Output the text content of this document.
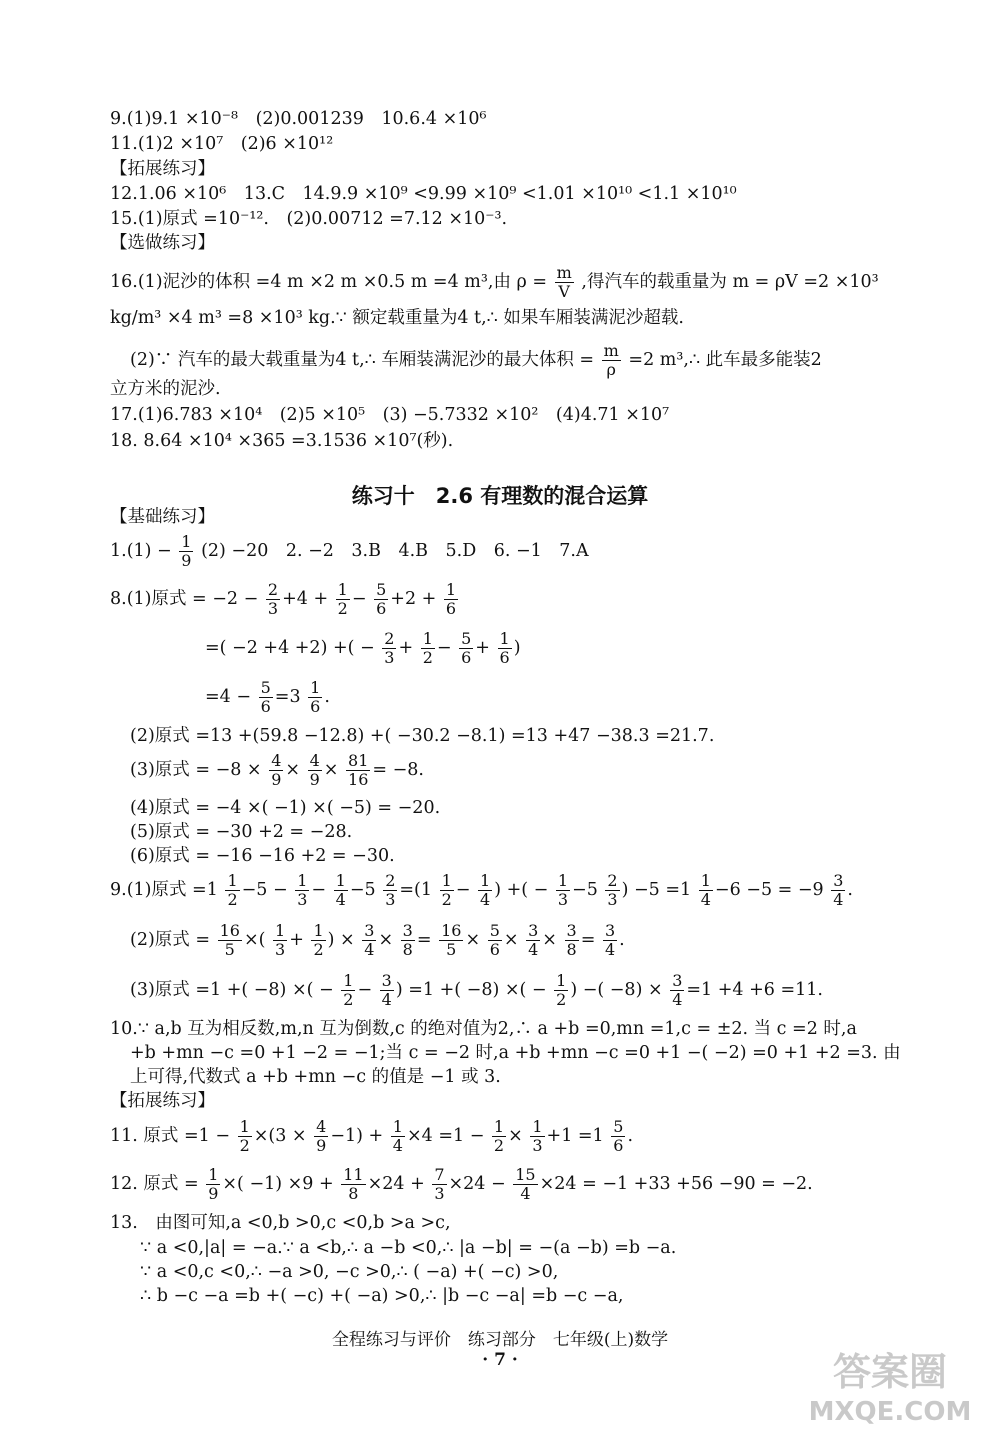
9.(1)9.1 ×10⁻⁸　(2)0.001239　10.6.4 ×10⁶
11.(1)2 ×10⁷　(2)6 ×10¹²
【拓展练习】
12.1.06 ×10⁶　13.C　14.9.9 ×10⁹ <9.99 ×10⁹ <1.01 ×10¹⁰ <1.1 ×10¹⁰
15.(1)原式 =10⁻¹².　(2)0.00712 =7.12 ×10⁻³.
【选做练习】
16.(1)泥沙的体积 =4 m ×2 m ×0.5 m =4 m³,由 $\rho = \frac{m}{V}$ ,得汽车的载重量为 m = ρV =2 ×10³
kg/m³ ×4 m³ =8 ×10³ kg.∵ 额定载重量为4 t,∴ 如果车厢装满泥沙超载.
(2)∵ 汽车的最大载重量为4 t,∴ 车厢装满泥沙的最大体积 = $\frac{m}{\rho} =2$ m³,∴ 此车最多能装2
立方米的泥沙.
17.(1)6.783 ×10⁴　(2)5 ×10⁵　(3) −5.7332 ×10²　(4)4.71 ×10⁷
18. 8.64 ×10⁴ ×365 =3.1536 ×10⁷(秒).
练习十　2.6 有理数的混合运算
【基础练习】
$1.(1) - \frac{1}{9} (2) -20$　2. −2　3.B　4.B　5.D　6. −1　7.A
8.(1)原式 = $-2 - \frac{2}{3} +4 + \frac{1}{2} - \frac{5}{6} +2 + \frac{1}{6}$
=( −2 +4 +2) +( − $\frac{2}{3} + \frac{1}{2} - \frac{5}{6} + \frac{1}{6}$ )
$=4 - \frac{5}{6} =3 \frac{1}{6}$ .
(2)原式 =13 +(59.8 −12.8) +( −30.2 −8.1) =13 +47 −38.3 =21.7.
(3)原式 = $-8 \times \frac{4}{9} \times \frac{4}{9} \times \frac{81}{16} = -8$.
(4)原式 = −4 ×( −1) ×( −5) = −20.
(5)原式 = −30 +2 = −28.
(6)原式 = −16 −16 +2 = −30.
9.(1)原式 $=1 \frac{1}{2} -5 - \frac{1}{3} - \frac{1}{4} -5 \frac{2}{3} =(1 \frac{1}{2} - \frac{1}{4}$ ) +( − $\frac{1}{3} -5 \frac{2}{3}$ ) $-5 =1 \frac{1}{4} -6 -5 = -9 \frac{3}{4}$ .
(2)原式 = $\frac{16}{5}$ ×( $\frac{1}{3} + \frac{1}{2}$ ) × $\frac{3}{4} \times \frac{3}{8} = \frac{16}{5} \times \frac{5}{6} \times \frac{3}{4} \times \frac{3}{8} = \frac{3}{4}$ .
(3)原式 =1 +( −8) ×( − $\frac{1}{2} - \frac{3}{4}$ ) =1 +( −8) ×( − $\frac{1}{2}$ ) −( $-8) \times \frac{3}{4} =1 +4 +6 =11$.
10.∵ a,b 互为相反数,m,n 互为倒数,c 的绝对值为2,∴ a +b =0,mn =1,c = ±2. 当 c =2 时,a
+b +mn −c =0 +1 −2 = −1;当 c = −2 时,a +b +mn −c =0 +1 −( −2) =0 +1 +2 =3. 由
上可得,代数式 a +b +mn −c 的值是 −1 或 3.
【拓展练习】
11. 原式 $=1 - \frac{1}{2} \times(3 \times \frac{4}{9} -1) + \frac{1}{4} \times 4 =1 - \frac{1}{2} \times \frac{1}{3} +1 =1 \frac{5}{6}$ .
12. 原式 = $\frac{1}{9}$ ×( $-1) \times 9 + \frac{11}{8} \times 24 + \frac{7}{3} \times 24 - \frac{15}{4} \times 24 = -1 +33 +56 -90 = -2$.
13.　由图可知,a <0,b >0,c <0,b >a >c,
∵ a <0,|a| = −a.∵ a <b,∴ a −b <0,∴ |a −b| = −(a −b) =b −a.
∵ a <0,c <0,∴ −a >0, −c >0,∴ ( −a) +( −c) >0,
∴ b −c −a =b +( −c) +( −a) >0,∴ |b −c −a| =b −c −a,
全程练习与评价　练习部分　七年级(上)数学
· 7 ·	答案圈
MXQE.COM
